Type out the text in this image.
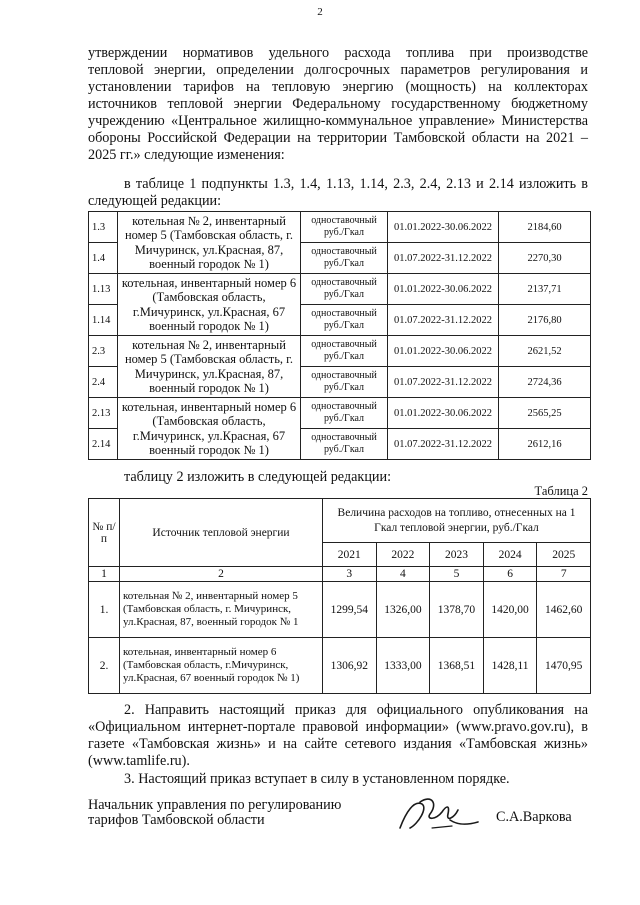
2
утверждении нормативов удельного расхода топлива при производстве
тепловой энергии, определении долгосрочных параметров регулирования и
установлении тарифов на тепловую энергию (мощность) на коллекторах
источников тепловой энергии Федеральному государственному бюджетному
учреждению «Центральное жилищно-коммунальное управление» Министерства
обороны Российской Федерации на территории Тамбовской области на 2021 –
2025 гг.» следующие изменения:
в таблице 1 подпункты 1.3, 1.4, 1.13, 1.14, 2.3, 2.4, 2.13 и 2.14 изложить в
следующей редакции:
1.3	котельная № 2, инвентарный номер 5 (Тамбовская область, г. Мичуринск, ул.Красная, 87, военный городок № 1)	одноставочный руб./Гкал	01.01.2022-30.06.2022	2184,60
1.4		одноставочный руб./Гкал	01.07.2022-31.12.2022	2270,30
1.13	котельная, инвентарный номер 6 (Тамбовская область, г.Мичуринск, ул.Красная, 67 военный городок № 1)	одноставочный руб./Гкал	01.01.2022-30.06.2022	2137,71
1.14		одноставочный руб./Гкал	01.07.2022-31.12.2022	2176,80
2.3	котельная № 2, инвентарный номер 5 (Тамбовская область, г. Мичуринск, ул.Красная, 87, военный городок № 1)	одноставочный руб./Гкал	01.01.2022-30.06.2022	2621,52
2.4		одноставочный руб./Гкал	01.07.2022-31.12.2022	2724,36
2.13	котельная, инвентарный номер 6 (Тамбовская область, г.Мичуринск, ул.Красная, 67 военный городок № 1)	одноставочный руб./Гкал	01.01.2022-30.06.2022	2565,25
2.14		одноставочный руб./Гкал	01.07.2022-31.12.2022	2612,16
таблицу 2 изложить в следующей редакции:
Таблица 2
№ п/п	Источник тепловой энергии	Величина расходов на топливо, отнесенных на 1 Гкал тепловой энергии, руб./Гкал				
		2021	2022	2023	2024	2025
1	2	3	4	5	6	7
1.	котельная № 2, инвентарный номер 5 (Тамбовская область, г. Мичуринск, ул.Красная, 87, военный городок № 1	1299,54	1326,00	1378,70	1420,00	1462,60
2.	котельная, инвентарный номер 6 (Тамбовская область, г.Мичуринск, ул.Красная, 67 военный городок № 1)	1306,92	1333,00	1368,51	1428,11	1470,95
2. Направить настоящий приказ для официального опубликования на
«Официальном интернет-портале правовой информации» (www.pravo.gov.ru), в
газете «Тамбовская жизнь» и на сайте сетевого издания «Тамбовская жизнь»
(www.tamlife.ru).
3. Настоящий приказ вступает в силу в установленном порядке.
Начальник управления по регулированию
тарифов Тамбовской области	С.А.Варкова
